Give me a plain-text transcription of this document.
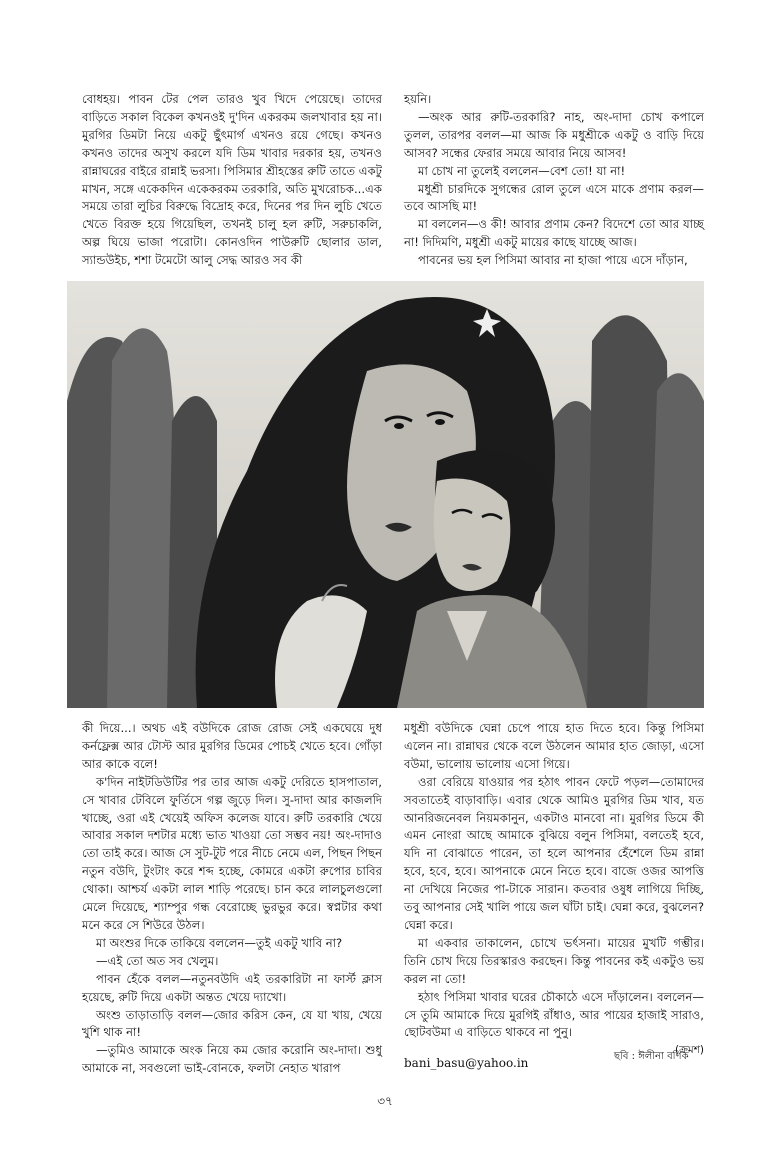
বোধহয়। পাবন টের পেল তারও খুব খিদে পেয়েছে। তাদের বাড়িতে সকাল বিকেল কখনওই দু'দিন একরকম জলখাবার হয় না। মুরগির ডিমটা নিয়ে একটু ছুঁৎমার্গ এখনও রয়ে গেছে। কখনও কখনও তাদের অসুখ করলে যদি ডিম খাবার দরকার হয়, তখনও রান্নাঘরের বাইরে রান্নাই ভরসা। পিসিমার শ্রীহস্তের রুটি তাতে একটু মাখন, সঙ্গে একেকদিন একেকরকম তরকারি, অতি মুখরোচক...এক সময়ে তারা লুচির বিরুদ্ধে বিদ্রোহ করে, দিনের পর দিন লুচি খেতে খেতে বিরক্ত হয়ে গিয়েছিল, তখনই চালু হল রুটি, সরুচাকলি, অল্প ঘিয়ে ভাজা পরোটা। কোনওদিন পাউরুটি ছোলার ডাল, স্যান্ডউইচ, শশা টমেটো আলু সেদ্ধ আরও সব কী

হয়নি।

—অংক আর রুটি-তরকারি? নাহ, অং-দাদা চোখ কপালে তুলল, তারপর বলল—মা আজ কি মধুশ্রীকে একটু ও বাড়ি দিয়ে আসব? সন্ধের ফেরার সময়ে আবার নিয়ে আসব!

মা চোখ না তুলেই বললেন—বেশ তো! যা না!

মধুশ্রী চারদিকে সুগন্ধের রোল তুলে এসে মাকে প্রণাম করল—তবে আসছি মা!

মা বললেন—ও কী! আবার প্রণাম কেন? বিদেশে তো আর যাচ্ছ না! দিদিমণি, মধুশ্রী একটু মায়ের কাছে যাচ্ছে আজ।

পাবনের ভয় হল পিসিমা আবার না হাজা পায়ে এসে দাঁড়ান,

কী দিয়ে...। অথচ এই বউদিকে রোজ রোজ সেই একঘেয়ে দুধ কর্নফ্লেক্স আর টোস্ট আর মুরগির ডিমের পোচই খেতে হবে। গোঁড়া আর কাকে বলে!

ক'দিন নাইটডিউটির পর তার আজ একটু দেরিতে হাসপাতাল, সে খাবার টেবিলে ফুর্তিসে গল্প জুড়ে দিল। সু-দাদা আর কাজলদি খাচ্ছে, ওরা এই খেয়েই অফিস কলেজ যাবে। রুটি তরকারি খেয়ে আবার সকাল দশটার মধ্যে ভাত খাওয়া তো সম্ভব নয়! অং-দাদাও তো তাই করে। আজ সে সুট-টুট পরে নীচে নেমে এল, পিছন পিছন নতুন বউদি, টুংটাং করে শব্দ হচ্ছে, কোমরে একটা রুপোর চাবির থোকা। আশ্চর্য একটা লাল শাড়ি পরেছে। চান করে লালচুলগুলো মেলে দিয়েছে, শ্যাম্পুর গন্ধ বেরোচ্ছে ভুরভুর করে। স্বপ্নটার কথা মনে করে সে শিউরে উঠল।

মা অংশুর দিকে তাকিয়ে বললেন—তুই একটু খাবি না?

—এই তো অত সব খেলুম।

পাবন হেঁকে বলল—নতুনবউদি এই তরকারিটা না ফার্স্ট ক্লাস হয়েছে, রুটি দিয়ে একটা অন্তত খেয়ে দ্যাখো।

অংশু তাড়াতাড়ি বলল—জোর করিস কেন, যে যা খায়, খেয়ে খুশি থাক না!

—তুমিও আমাকে অংক নিয়ে কম জোর করোনি অং-দাদা। শুধু আমাকে না, সবগুলো ভাই-বোনকে, ফলটা নেহাত খারাপ

মধুশ্রী বউদিকে ঘেন্না চেপে পায়ে হাত দিতে হবে। কিন্তু পিসিমা এলেন না। রান্নাঘর থেকে বলে উঠলেন আমার হাত জোড়া, এসো বউমা, ভালোয় ভালোয় এসো গিয়ে।

ওরা বেরিয়ে যাওয়ার পর হঠাৎ পাবন ফেটে পড়ল—তোমাদের সবতাতেই বাড়াবাড়ি। এবার থেকে আমিও মুরগির ডিম খাব, যত আনরিজনেবল নিয়মকানুন, একটাও মানবো না। মুরগির ডিমে কী এমন নোংরা আছে আমাকে বুঝিয়ে বলুন পিসিমা, বলতেই হবে, যদি না বোঝাতে পারেন, তা হলে আপনার হেঁশেলে ডিম রান্না হবে, হবে, হবে। আপনাকে মেনে নিতে হবে। বাজে ওজর আপত্তি না দেখিয়ে নিজের পা-টাকে সারান। কতবার ওষুধ লাগিয়ে দিচ্ছি, তবু আপনার সেই খালি পায়ে জল ঘাঁটা চাই। ঘেন্না করে, বুঝলেন? ঘেন্না করে।

মা একবার তাকালেন, চোখে ভর্ৎসনা। মায়ের মুখটি গম্ভীর। তিনি চোখ দিয়ে তিরস্কারও করছেন। কিন্তু পাবনের কই একটুও ভয় করল না তো!

হঠাৎ পিসিমা খাবার ঘরের চৌকাঠে এসে দাঁড়ালেন। বললেন—সে তুমি আমাকে দিয়ে মুরগিই রাঁধাও, আর পায়ের হাজাই সারাও, ছোটবউমা এ বাড়িতে থাকবে না পুনু।

(ক্রমশ)

ছবি : ঈলীনা বণিক
bani_basu@yahoo.in
৩৭
